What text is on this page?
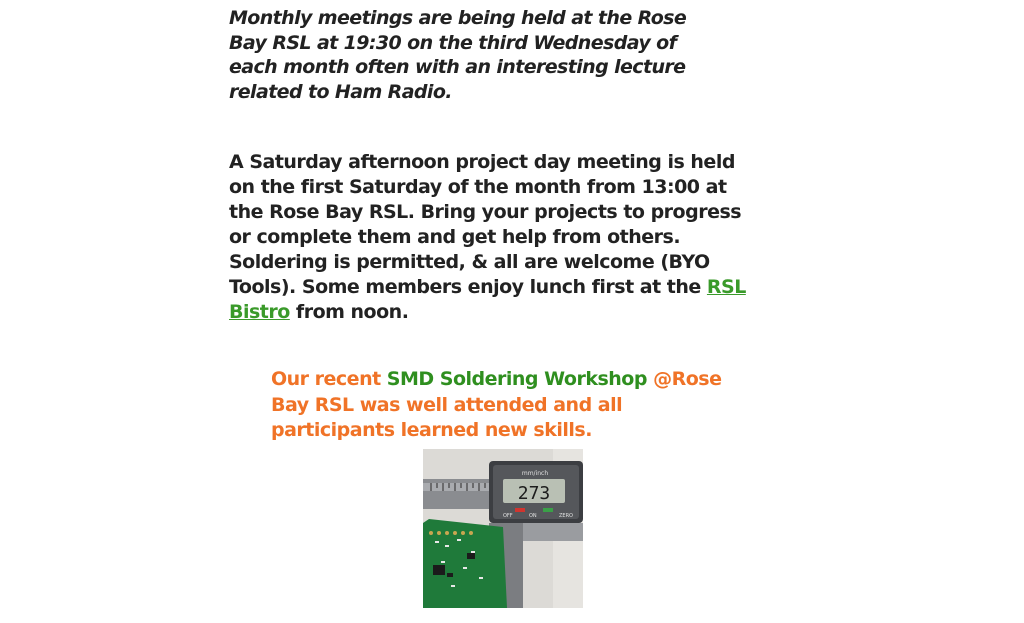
Monthly meetings are being held at the Rose Bay RSL at 19:30 on the third Wednesday of each month often with an interesting lecture related to Ham Radio.

A Saturday afternoon project day meeting is held on the first Saturday of the month from 13:00 at the Rose Bay RSL. Bring your projects to progress or complete them and get help from others. Soldering is permitted, & all are welcome (BYO Tools). Some members enjoy lunch first at the RSL Bistro from noon.

Our recent SMD Soldering Workshop @Rose Bay RSL was well attended and all participants learned new skills.

mm/inch
273
OFF	ON	ZERO
